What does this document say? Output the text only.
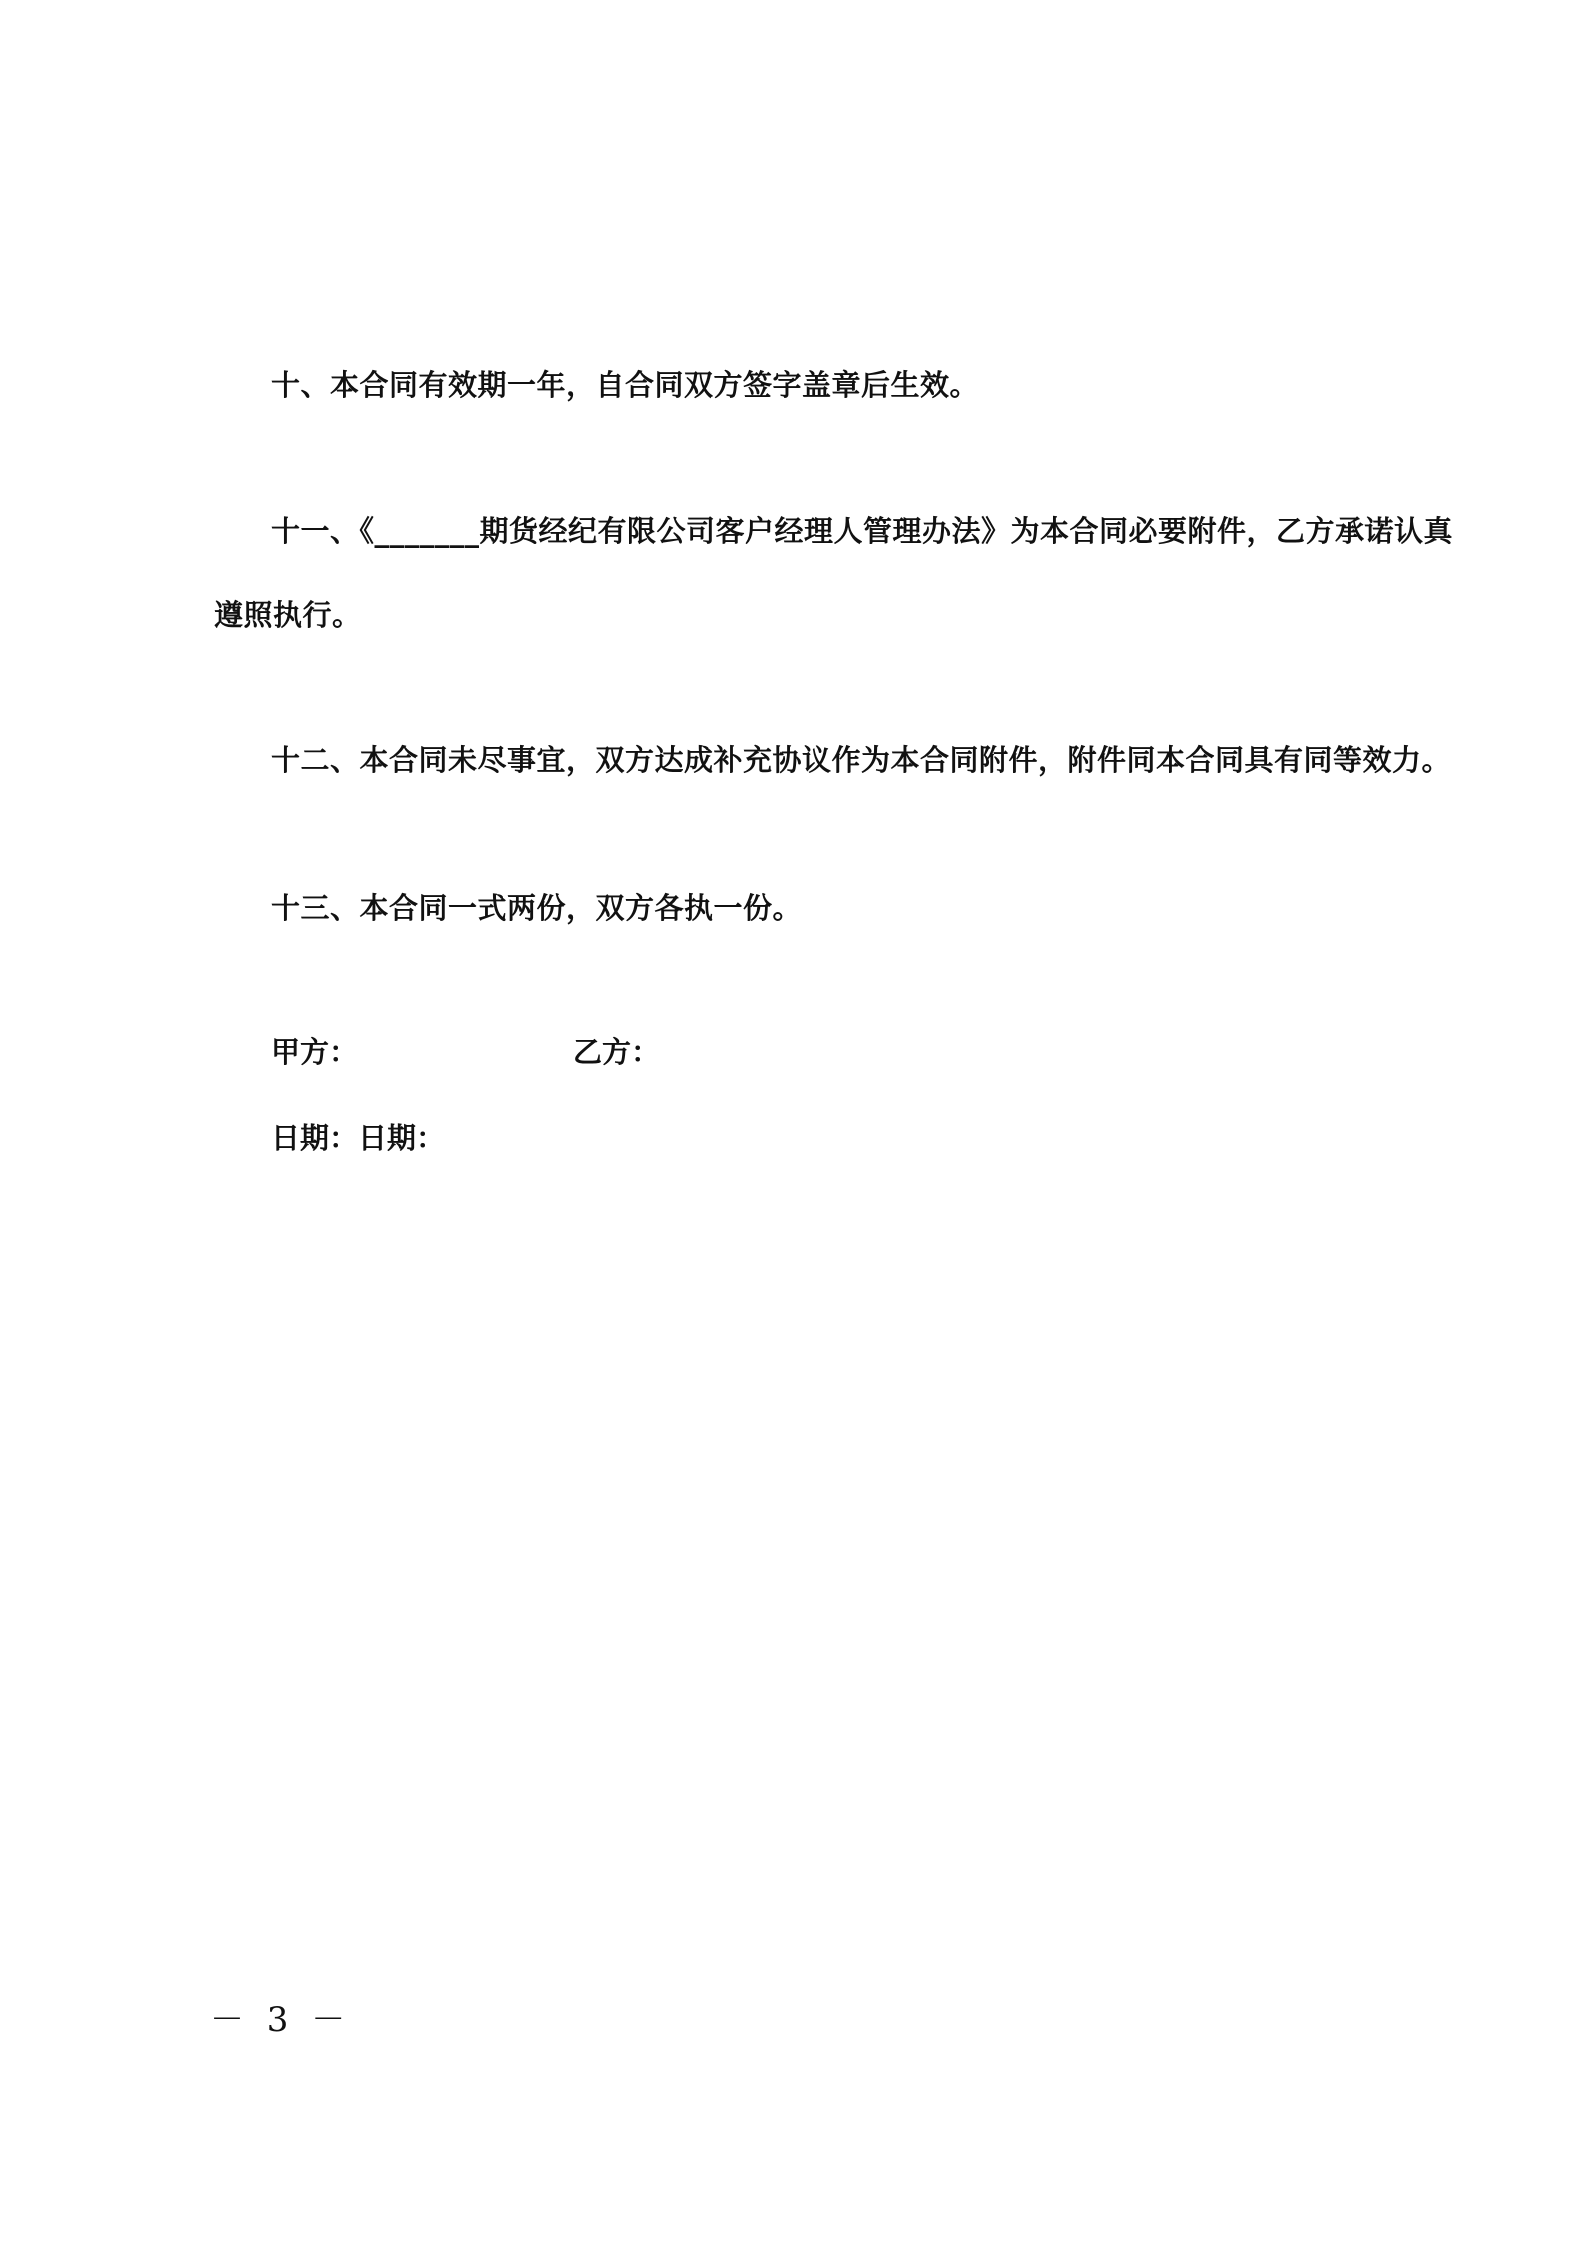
十、本合同有效期一年，自合同双方签字盖章后生效。
十一、《_______期货经纪有限公司客户经理人管理办法》为本合同必要附件，乙方承诺认真
遵照执行。
十二、本合同未尽事宜，双方达成补充协议作为本合同附件，附件同本合同具有同等效力。
十三、本合同一式两份，双方各执一份。
甲方：	乙方：
日期：日期：
－ 3 －
